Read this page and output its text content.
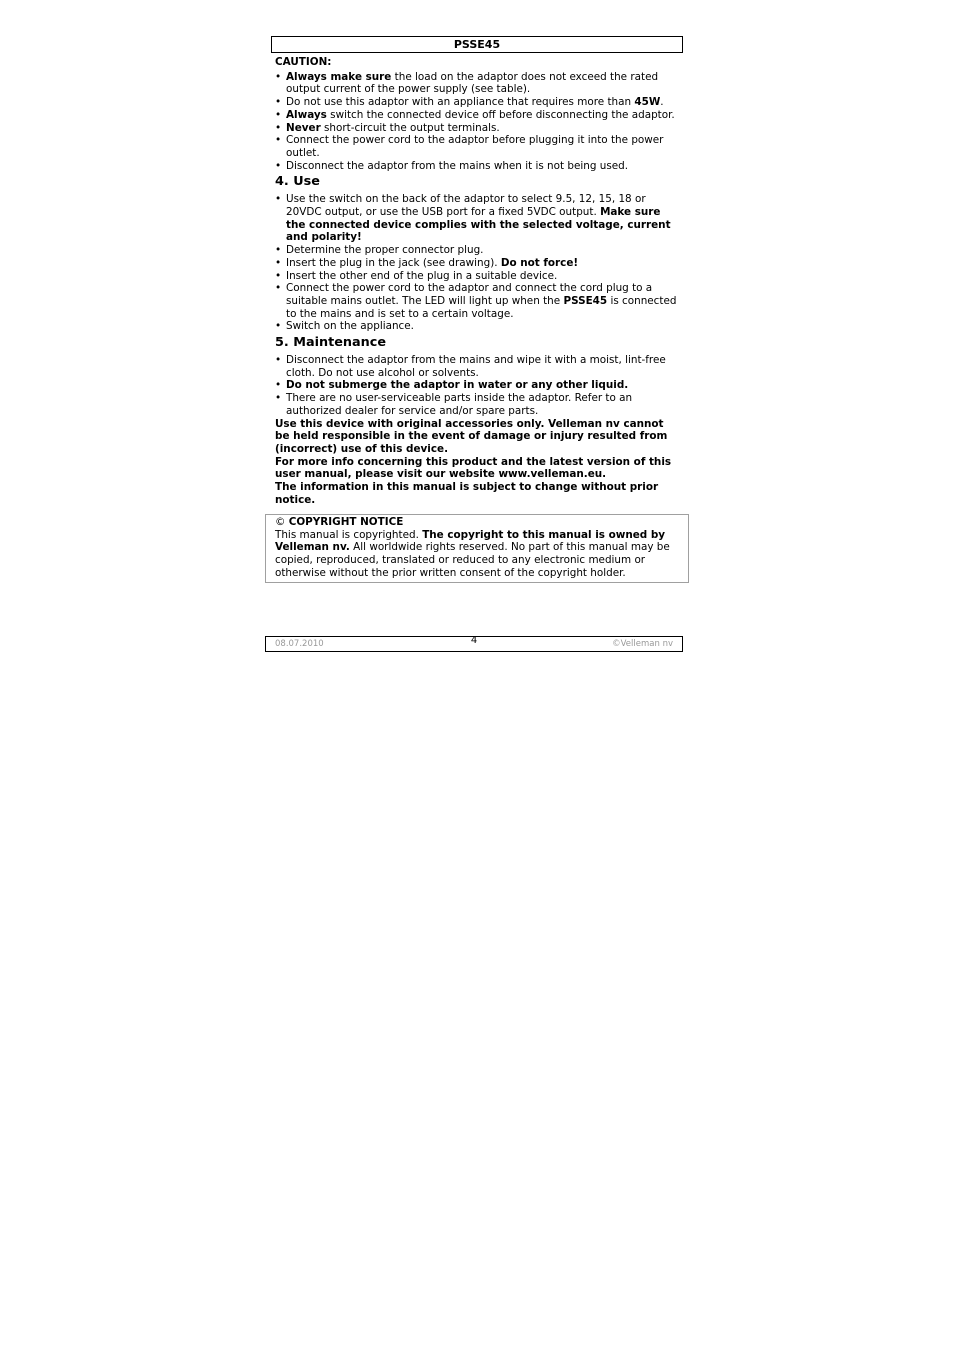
PSSE45
CAUTION:
• Always make sure the load on the adaptor does not exceed the rated output current of the power supply (see table).
• Do not use this adaptor with an appliance that requires more than 45W.
• Always switch the connected device off before disconnecting the adaptor.
• Never short-circuit the output terminals.
• Connect the power cord to the adaptor before plugging it into the power outlet.
• Disconnect the adaptor from the mains when it is not being used.
4. Use
• Use the switch on the back of the adaptor to select 9.5, 12, 15, 18 or 20VDC output, or use the USB port for a fixed 5VDC output. Make sure the connected device complies with the selected voltage, current and polarity!
• Determine the proper connector plug.
• Insert the plug in the jack (see drawing). Do not force!
• Insert the other end of the plug in a suitable device.
• Connect the power cord to the adaptor and connect the cord plug to a suitable mains outlet. The LED will light up when the PSSE45 is connected to the mains and is set to a certain voltage.
• Switch on the appliance.
5. Maintenance
• Disconnect the adaptor from the mains and wipe it with a moist, lint-free cloth. Do not use alcohol or solvents.
• Do not submerge the adaptor in water or any other liquid.
• There are no user-serviceable parts inside the adaptor. Refer to an authorized dealer for service and/or spare parts.

Use this device with original accessories only. Velleman nv cannot be held responsible in the event of damage or injury resulted from (incorrect) use of this device.

For more info concerning this product and the latest version of this user manual, please visit our website www.velleman.eu.

The information in this manual is subject to change without prior notice.

© COPYRIGHT NOTICE
This manual is copyrighted. The copyright to this manual is owned by Velleman nv. All worldwide rights reserved. No part of this manual may be copied, reproduced, translated or reduced to any electronic medium or otherwise without the prior written consent of the copyright holder.
08.07.2010	4	©Velleman nv
